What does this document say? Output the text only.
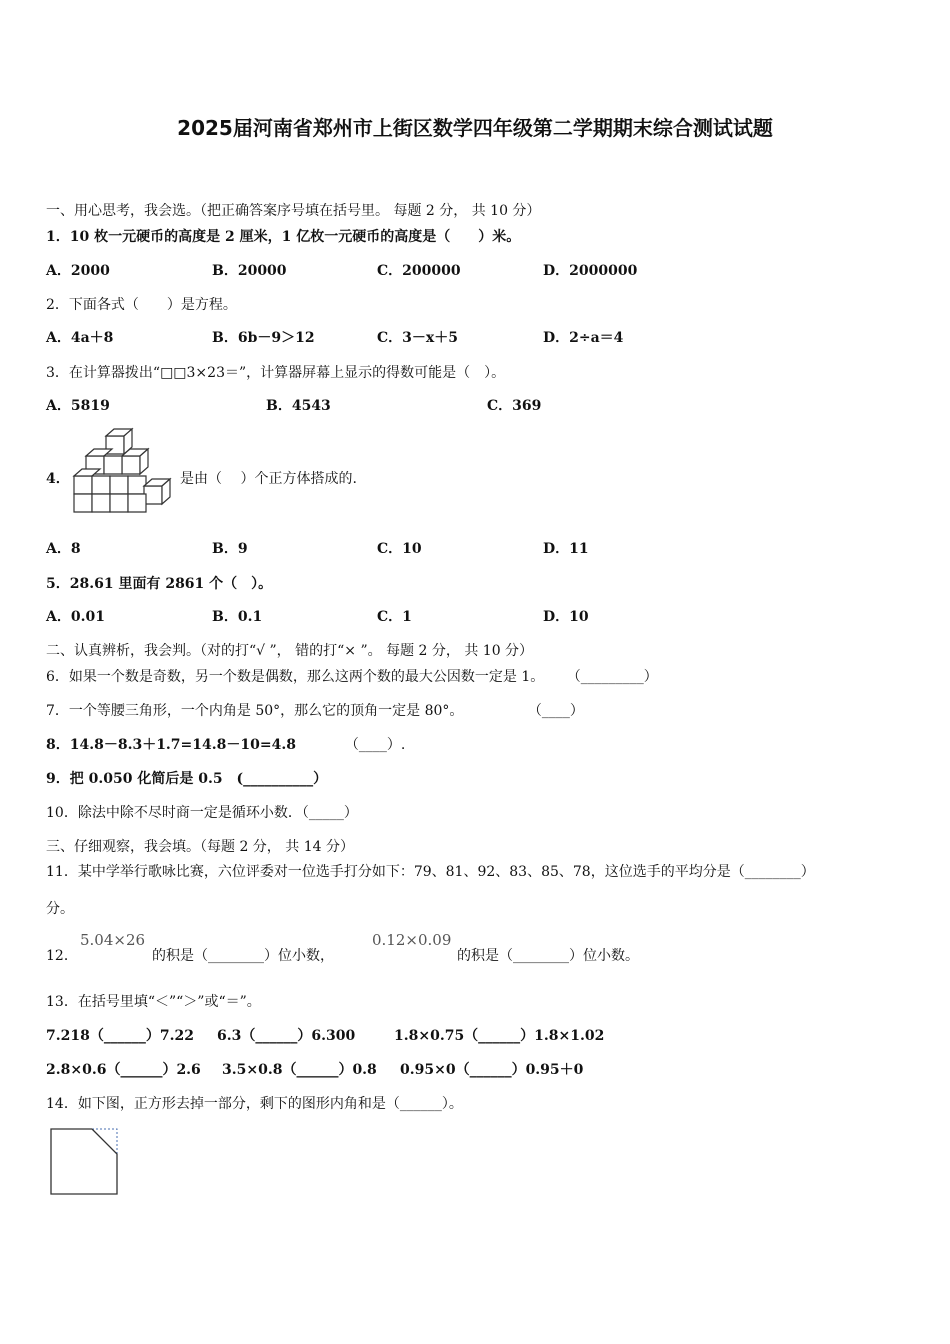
2025届河南省郑州市上街区数学四年级第二学期期末综合测试试题
一、用心思考，我会选。（把正确答案序号填在括号里。 每题 2 分， 共 10 分）
1．10 枚一元硬币的高度是 2 厘米，1 亿枚一元硬币的高度是（　　）米。
A．2000	B．20000	C．200000	D．2000000
2．下面各式（　　）是方程。
A．4a＋8	B．6b－9＞12	C．3－x＋5	D．2÷a＝4
3．在计算器拨出“□□3×23＝”，计算器屏幕上显示的得数可能是（　）。
A．5819	B．4543	C．369
4．	是由（　 ）个正方体搭成的.
A．8	B．9	C．10	D．11
5．28.61 里面有 2861 个（　）。
A．0.01	B．0.1	C．1	D．10
二、认真辨析，我会判。（对的打“√ ”， 错的打“× ”。 每题 2 分， 共 10 分）
6．如果一个数是奇数，另一个数是偶数，那么这两个数的最大公因数一定是 1。 （_________）
7．一个等腰三角形，一个内角是 50°，那么它的顶角一定是 80°。	（____）
8．14.8－8.3＋1.7=14.8－10=4.8	（____）.
9．把 0.050 化简后是 0.5　(__________）
10．除法中除不尽时商一定是循环小数．（_____）
三、仔细观察，我会填。（每题 2 分， 共 14 分）
11．某中学举行歌咏比赛，六位评委对一位选手打分如下：79、81、92、83、85、78，这位选手的平均分是（________）
分。
12．
5.04×26
的积是（________）位小数，
0.12×0.09
的积是（________）位小数。
13．在括号里填“＜”“＞”或“＝”。
7.218（______）7.22 6.3（______）6.300	1.8×0.75（______）1.8×1.02
2.8×0.6（______）2.6 3.5×0.8（______）0.8 0.95×0（______）0.95＋0
14．如下图，正方形去掉一部分，剩下的图形内角和是（______）。
